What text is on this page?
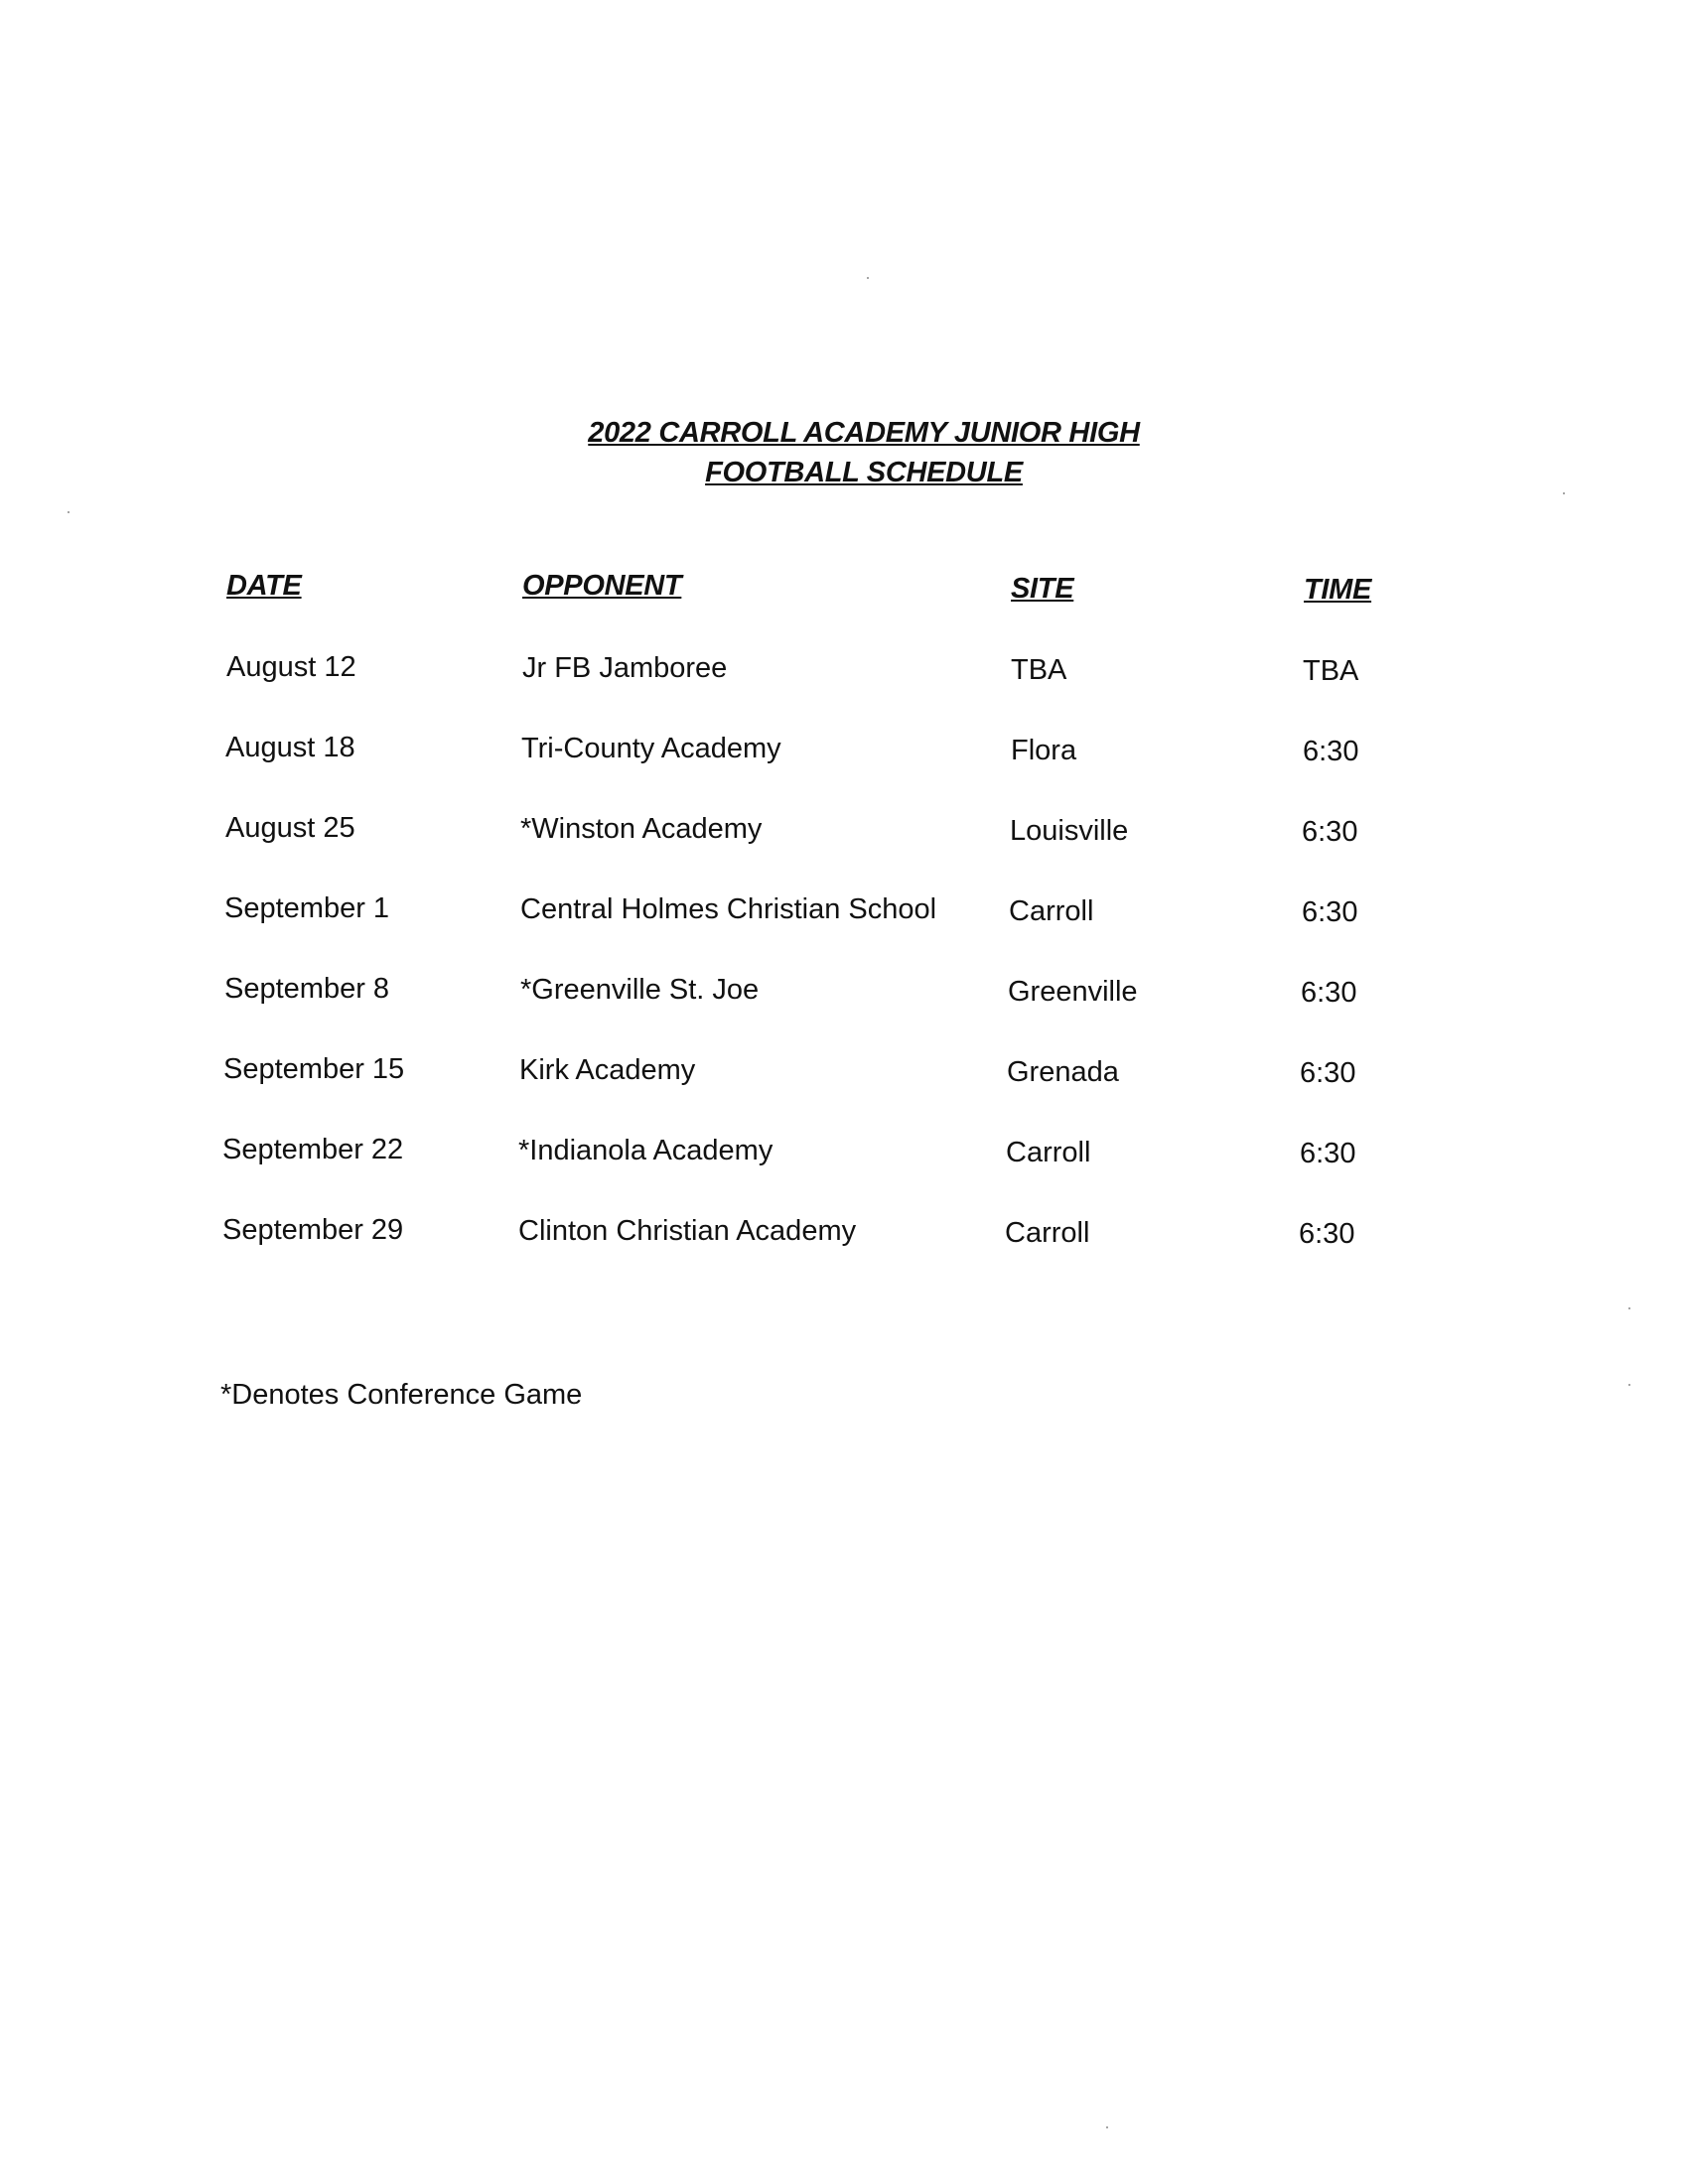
2022 CARROLL ACADEMY JUNIOR HIGH
FOOTBALL SCHEDULE
DATE	OPPONENT	SITE	TIME
August 12	Jr FB Jamboree	TBA	TBA
August 18	Tri-County Academy	Flora	6:30
August 25	*Winston Academy	Louisville	6:30
September 1	Central Holmes Christian School	Carroll	6:30
September 8	*Greenville St. Joe	Greenville	6:30
September 15	Kirk Academy	Grenada	6:30
September 22	*Indianola Academy	Carroll	6:30
September 29	Clinton Christian Academy	Carroll	6:30
*Denotes Conference Game
